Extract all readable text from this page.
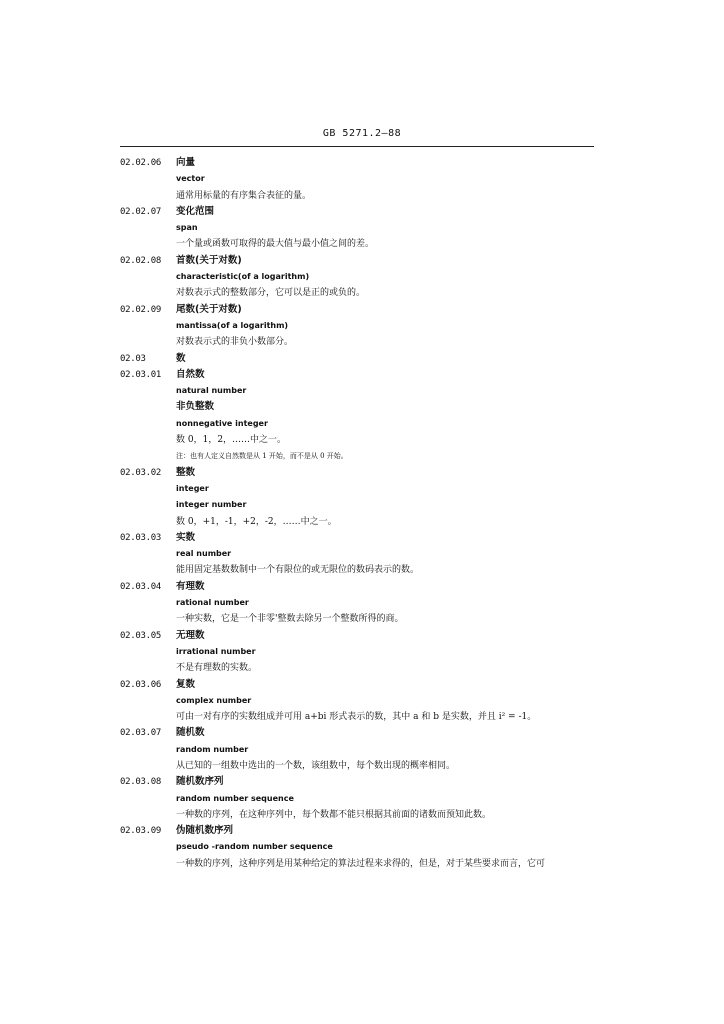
GB 5271.2—88
02.02.06	向量
vector
通常用标量的有序集合表征的量。
02.02.07	变化范围
span
一个量或函数可取得的最大值与最小值之间的差。
02.02.08	首数(关于对数)
characteristic(of a logarithm)
对数表示式的整数部分，它可以是正的或负的。
02.02.09	尾数(关于对数)
mantissa(of a logarithm)
对数表示式的非负小数部分。
02.03	数
02.03.01	自然数
natural number
非负整数
nonnegative integer
数 0，1，2，……中之一。
注：也有人定义自然数是从 1 开始，而不是从 0 开始。
02.03.02	整数
integer
integer number
数 0，+1，-1，+2，-2，……中之一。
02.03.03	实数
real number
能用固定基数数制中一个有限位的或无限位的数码表示的数。
02.03.04	有理数
rational number
一种实数，它是一个非零'整数去除另一个整数所得的商。
02.03.05	无理数
irrational number
不是有理数的实数。
02.03.06	复数
complex number
可由一对有序的实数组成并可用 a+bi 形式表示的数，其中 a 和 b 是实数，并且 i² = -1。
02.03.07	随机数
random number
从已知的一组数中选出的一个数，该组数中，每个数出现的概率相同。
02.03.08	随机数序列
random number sequence
一种数的序列，在这种序列中，每个数都不能只根据其前面的诸数而预知此数。
02.03.09	伪随机数序列
pseudo -random number sequence
一种数的序列，这种序列是用某种给定的算法过程来求得的，但是，对于某些要求而言，它可
